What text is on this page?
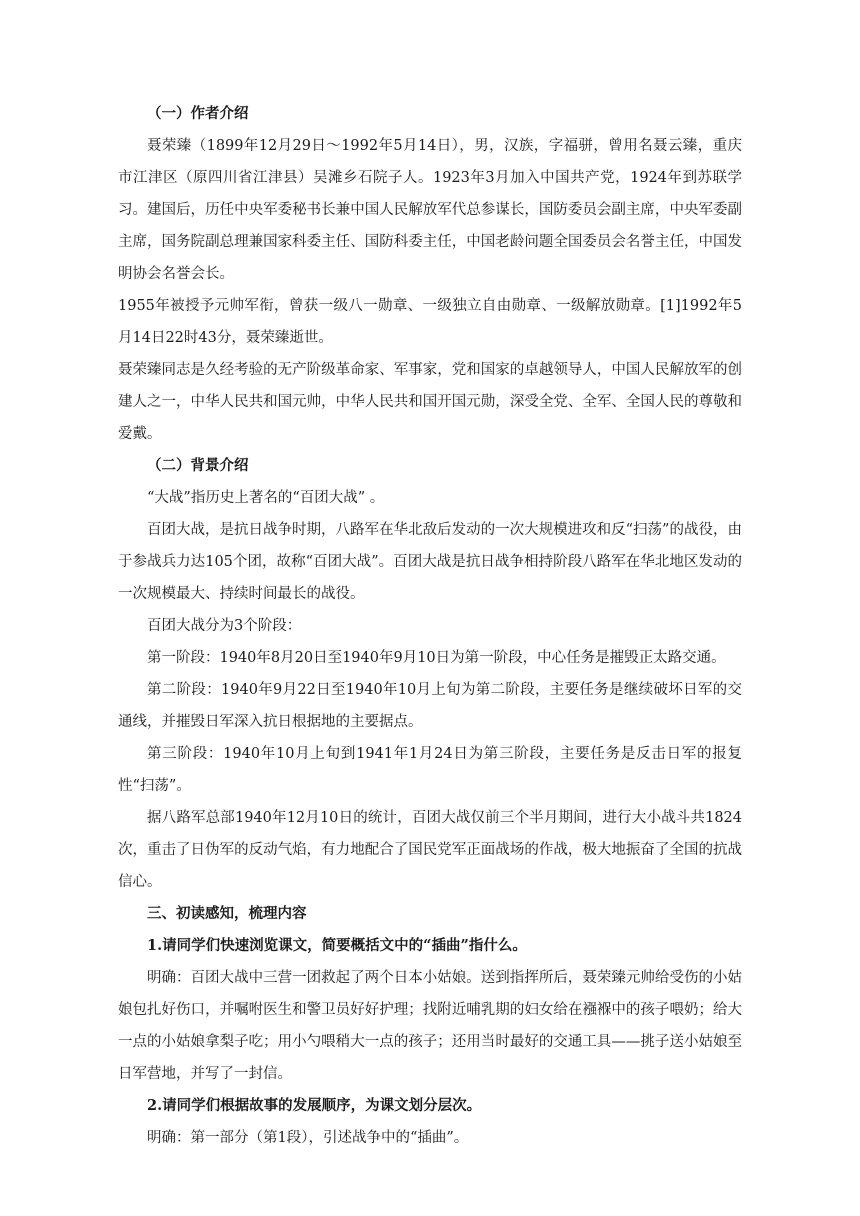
（一）作者介绍

聂荣臻（1899年12月29日～1992年5月14日），男，汉族，字福骈，曾用名聂云臻，重庆市江津区（原四川省江津县）吴滩乡石院子人。1923年3月加入中国共产党，1924年到苏联学习。建国后，历任中央军委秘书长兼中国人民解放军代总参谋长，国防委员会副主席，中央军委副主席，国务院副总理兼国家科委主任、国防科委主任，中国老龄问题全国委员会名誉主任，中国发明协会名誉会长。

1955年被授予元帅军衔，曾获一级八一勋章、一级独立自由勋章、一级解放勋章。[1]1992年5月14日22时43分，聂荣臻逝世。

聂荣臻同志是久经考验的无产阶级革命家、军事家，党和国家的卓越领导人，中国人民解放军的创建人之一，中华人民共和国元帅，中华人民共和国开国元勋，深受全党、全军、全国人民的尊敬和爱戴。

（二）背景介绍

“大战”指历史上著名的“百团大战” 。

百团大战，是抗日战争时期，八路军在华北敌后发动的一次大规模进攻和反“扫荡”的战役，由于参战兵力达105个团，故称“百团大战”。百团大战是抗日战争相持阶段八路军在华北地区发动的一次规模最大、持续时间最长的战役。

百团大战分为3个阶段：

第一阶段：1940年8月20日至1940年9月10日为第一阶段，中心任务是摧毁正太路交通。

第二阶段：1940年9月22日至1940年10月上旬为第二阶段，主要任务是继续破坏日军的交通线，并摧毁日军深入抗日根据地的主要据点。

第三阶段：1940年10月上旬到1941年1月24日为第三阶段，主要任务是反击日军的报复性“扫荡”。

据八路军总部1940年12月10日的统计，百团大战仅前三个半月期间，进行大小战斗共1824次，重击了日伪军的反动气焰，有力地配合了国民党军正面战场的作战，极大地振奋了全国的抗战信心。

三、初读感知，梳理内容

1.请同学们快速浏览课文，简要概括文中的“插曲”指什么。

明确：百团大战中三营一团救起了两个日本小姑娘。送到指挥所后，聂荣臻元帅给受伤的小姑娘包扎好伤口，并嘱咐医生和警卫员好好护理；找附近哺乳期的妇女给在襁褓中的孩子喂奶；给大一点的小姑娘拿梨子吃；用小勺喂稍大一点的孩子；还用当时最好的交通工具——挑子送小姑娘至日军营地，并写了一封信。

2.请同学们根据故事的发展顺序，为课文划分层次。

明确：第一部分（第1段），引述战争中的“插曲”。
